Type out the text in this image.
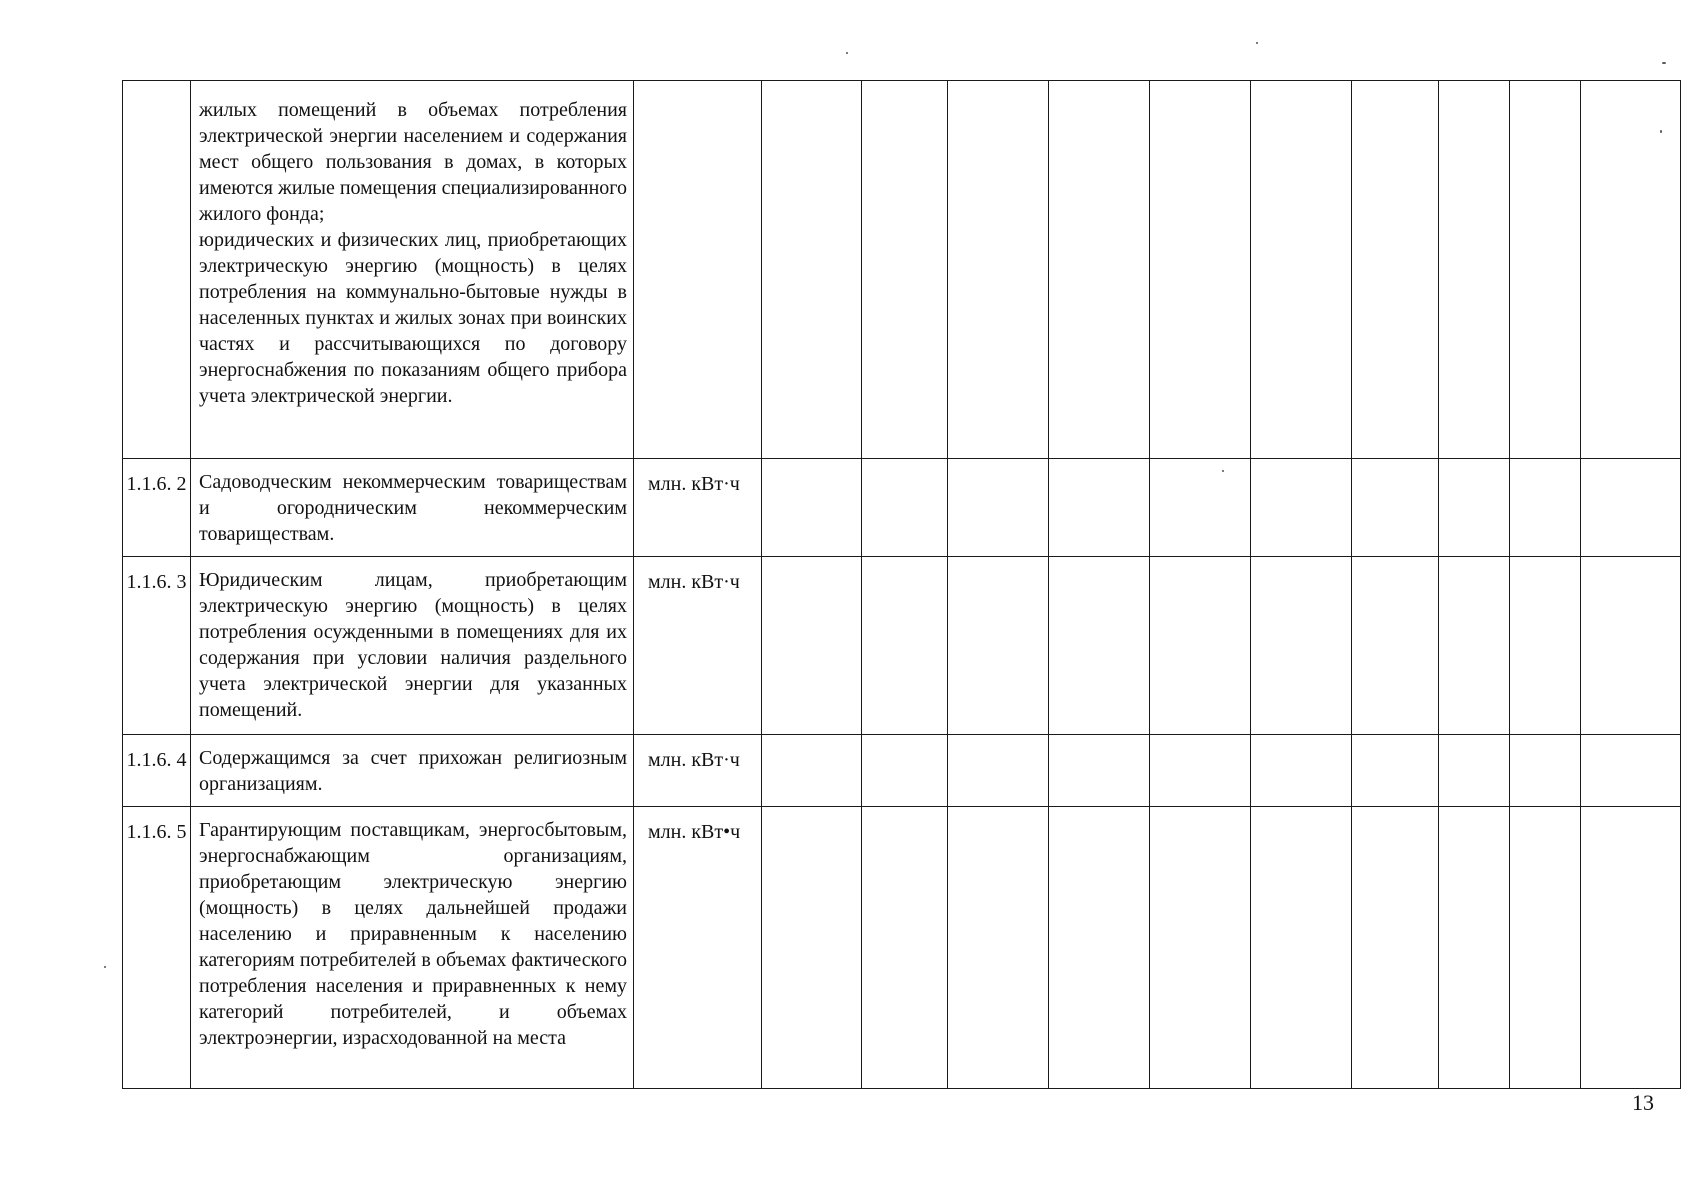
	жилых помещений в объемах потребления электрической энергии населением и содержания мест общего пользования в домах, в которых имеются жилые помещения специализированного жилого фонда;

юридических и физических лиц, приобретающих электрическую энергию (мощность) в целях потребления на коммунально-бытовые нужды в населенных пунктах и жилых зонах при воинских частях и рассчитывающихся по договору энергоснабжения по показаниям общего прибора учета электрической энергии.											

1.1.6. 2	Садоводческим некоммерческим товариществам и огородническим некоммерческим товариществам.	млн. кВт·ч										
1.1.6. 3	Юридическим лицам, приобретающим электрическую энергию (мощность) в целях потребления осужденными в помещениях для их содержания при условии наличия раздельного учета электрической энергии для указанных помещений.	млн. кВт·ч										
1.1.6. 4	Содержащимся за счет прихожан религиозным организациям.	млн. кВт·ч										
1.1.6. 5	Гарантирующим поставщикам, энергосбытовым, энергоснабжающим организациям, приобретающим электрическую энергию (мощность) в целях дальнейшей продажи населению и приравненным к населению категориям потребителей в объемах фактического потребления населения и приравненных к нему категорий потребителей, и объемах электроэнергии, израсходованной на места	млн. кВт•ч										
13
